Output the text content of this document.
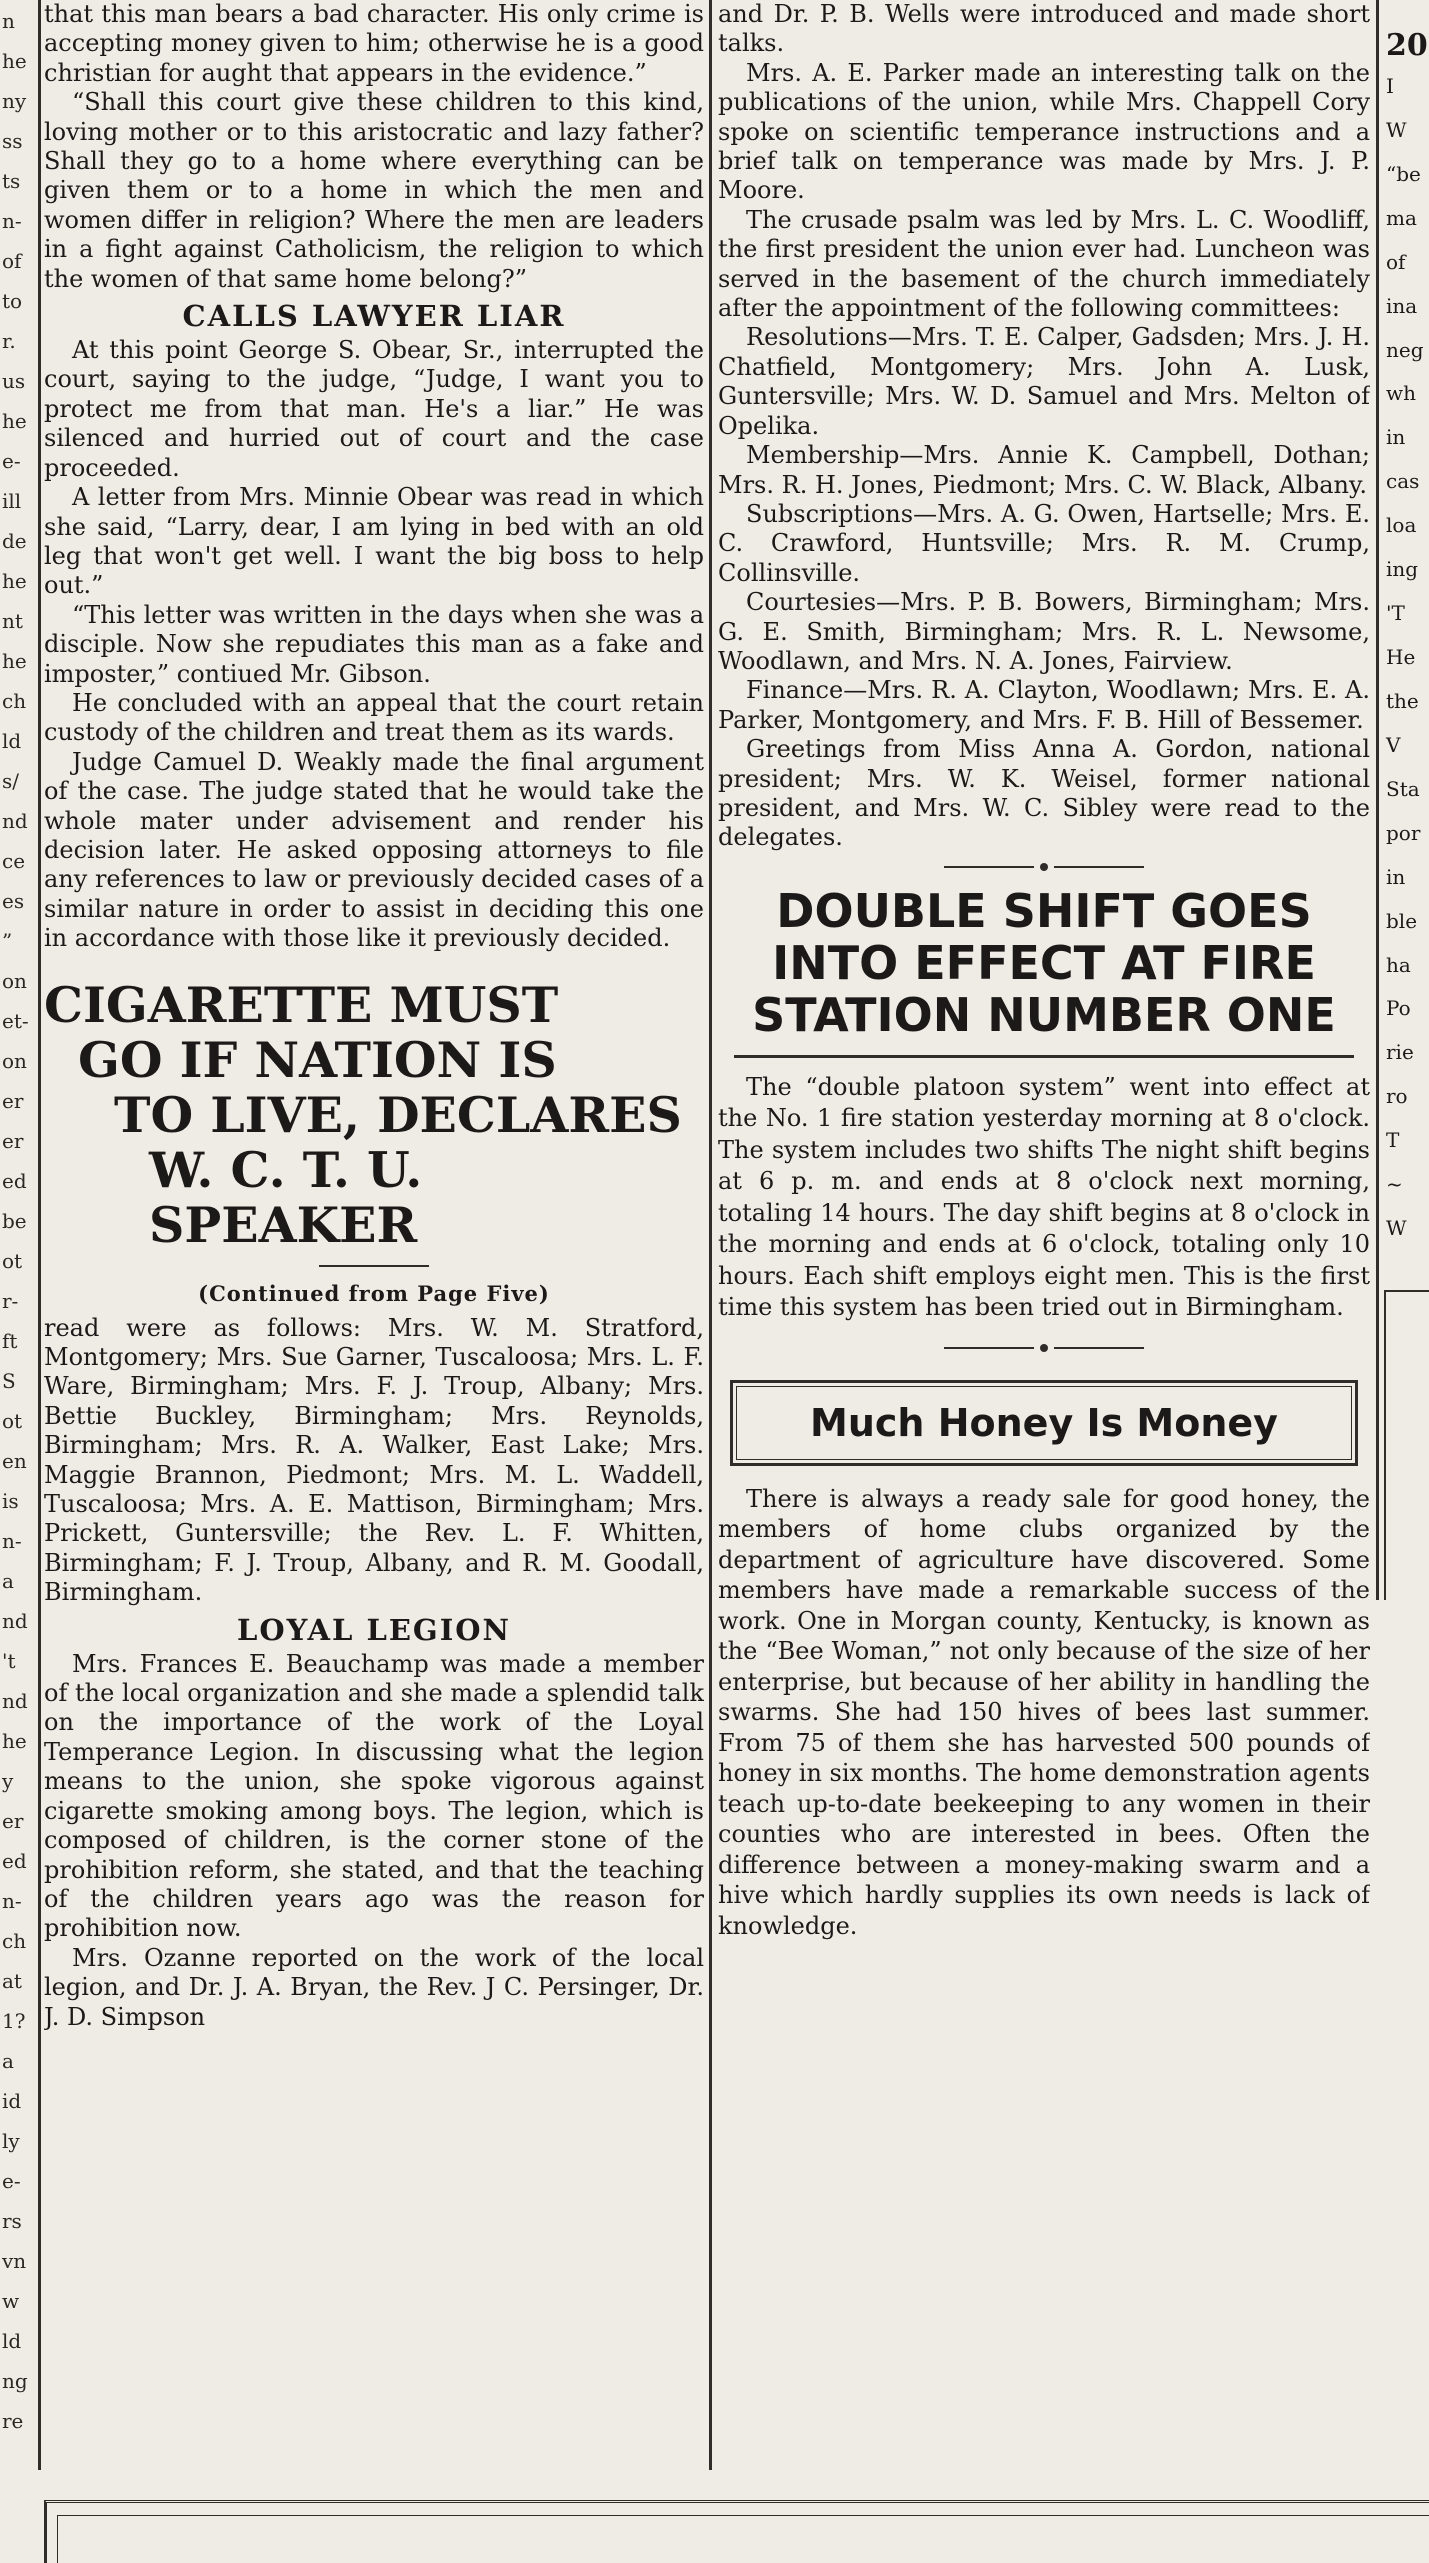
n
he
ny
ss
ts
n-
of
to
r.
us
he
e-
ill
de
he
nt
he
ch
ld
s/
nd
ce
es
”
on
et-
on
er
er
ed
be
ot
r-
ft
S
ot
en
is
n-
a
nd
't
nd
he
y
er
ed
n-
ch
at
1?
a
id
ly
e-
rs
vn
w
ld
ng
re

that this man bears a bad character. His only crime is accepting money given to him; otherwise he is a good christian for aught that appears in the evidence.”

“Shall this court give these children to this kind, loving mother or to this aristocratic and lazy father? Shall they go to a home where everything can be given them or to a home in which the men and women differ in religion? Where the men are leaders in a fight against Catholicism, the religion to which the women of that same home belong?”

CALLS LAWYER LIAR

At this point George S. Obear, Sr., interrupted the court, saying to the judge, “Judge, I want you to protect me from that man. He's a liar.” He was silenced and hurried out of court and the case proceeded.

A letter from Mrs. Minnie Obear was read in which she said, “Larry, dear, I am lying in bed with an old leg that won't get well. I want the big boss to help out.”

“This letter was written in the days when she was a disciple. Now she repudiates this man as a fake and imposter,” contiued Mr. Gibson.

He concluded with an appeal that the court retain custody of the children and treat them as its wards.

Judge Camuel D. Weakly made the final argument of the case. The judge stated that he would take the whole mater under advisement and render his decision later. He asked opposing attorneys to file any references to law or previously decided cases of a similar nature in order to assist in deciding this one in accordance with those like it previously decided.

CIGARETTE MUST
GO IF NATION IS
TO LIVE, DECLARES
W. C. T. U. SPEAKER
(Continued from Page Five)

read were as follows: Mrs. W. M. Stratford, Montgomery; Mrs. Sue Garner, Tuscaloosa; Mrs. L. F. Ware, Birmingham; Mrs. F. J. Troup, Albany; Mrs. Bettie Buckley, Birmingham; Mrs. Reynolds, Birmingham; Mrs. R. A. Walker, East Lake; Mrs. Maggie Brannon, Piedmont; Mrs. M. L. Waddell, Tuscaloosa; Mrs. A. E. Mattison, Birmingham; Mrs. Prickett, Guntersville; the Rev. L. F. Whitten, Birmingham; F. J. Troup, Albany, and R. M. Goodall, Birmingham.

LOYAL LEGION

Mrs. Frances E. Beauchamp was made a member of the local organization and she made a splendid talk on the importance of the work of the Loyal Temperance Legion. In discussing what the legion means to the union, she spoke vigorous against cigarette smoking among boys. The legion, which is composed of children, is the corner stone of the prohibition reform, she stated, and that the teaching of the children years ago was the reason for prohibition now.

Mrs. Ozanne reported on the work of the local legion, and Dr. J. A. Bryan, the Rev. J C. Persinger, Dr. J. D. Simpson

and Dr. P. B. Wells were introduced and made short talks.

Mrs. A. E. Parker made an interesting talk on the publications of the union, while Mrs. Chappell Cory spoke on scientific temperance instructions and a brief talk on temperance was made by Mrs. J. P. Moore.

The crusade psalm was led by Mrs. L. C. Woodliff, the first president the union ever had. Luncheon was served in the basement of the church immediately after the appointment of the following committees:

Resolutions—Mrs. T. E. Calper, Gadsden; Mrs. J. H. Chatfield, Montgomery; Mrs. John A. Lusk, Guntersville; Mrs. W. D. Samuel and Mrs. Melton of Opelika.

Membership—Mrs. Annie K. Campbell, Dothan; Mrs. R. H. Jones, Piedmont; Mrs. C. W. Black, Albany.

Subscriptions—Mrs. A. G. Owen, Hartselle; Mrs. E. C. Crawford, Huntsville; Mrs. R. M. Crump, Collinsville.

Courtesies—Mrs. P. B. Bowers, Birmingham; Mrs. G. E. Smith, Birmingham; Mrs. R. L. Newsome, Woodlawn, and Mrs. N. A. Jones, Fairview.

Finance—Mrs. R. A. Clayton, Woodlawn; Mrs. E. A. Parker, Montgomery, and Mrs. F. B. Hill of Bessemer.

Greetings from Miss Anna A. Gordon, national president; Mrs. W. K. Weisel, former national president, and Mrs. W. C. Sibley were read to the delegates.

DOUBLE SHIFT GOES
INTO EFFECT AT FIRE
STATION NUMBER ONE

The “double platoon system” went into effect at the No. 1 fire station yesterday morning at 8 o'clock. The system includes two shifts The night shift begins at 6 p. m. and ends at 8 o'clock next morning, totaling 14 hours. The day shift begins at 8 o'clock in the morning and ends at 6 o'clock, totaling only 10 hours. Each shift employs eight men. This is the first time this system has been tried out in Birmingham.

Much Honey Is Money

There is always a ready sale for good honey, the members of home clubs organized by the department of agriculture have discovered. Some members have made a remarkable success of the work. One in Morgan county, Kentucky, is known as the “Bee Woman,” not only because of the size of her enterprise, but because of her ability in handling the swarms. She had 150 hives of bees last summer. From 75 of them she has harvested 500 pounds of honey in six months. The home demonstration agents teach up-to-date beekeeping to any women in their counties who are interested in bees. Often the difference between a money-making swarm and a hive which hardly supplies its own needs is lack of knowledge.

20
I
W
“be
ma
of
ina
neg
wh
in
cas
loa
ing
'T
He
the
V
Sta
por
in
ble
ha
Po
rie
ro
T
~
W
